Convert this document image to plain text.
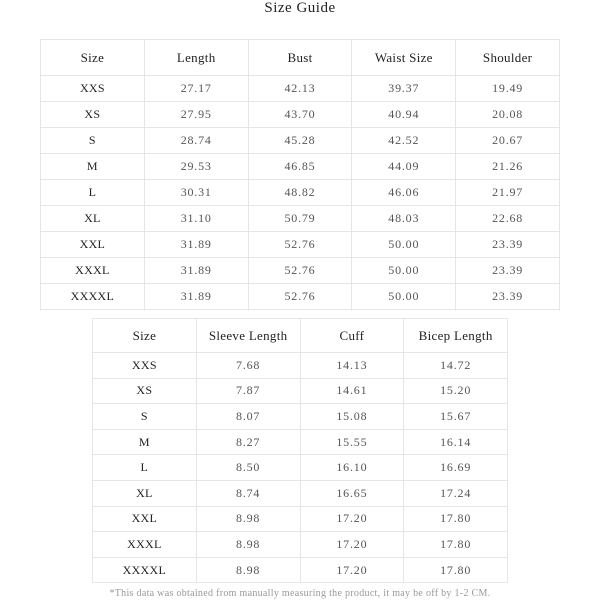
Size Guide
Size	Length	Bust	Waist Size	Shoulder
XXS	27.17	42.13	39.37	19.49
XS	27.95	43.70	40.94	20.08
S	28.74	45.28	42.52	20.67
M	29.53	46.85	44.09	21.26
L	30.31	48.82	46.06	21.97
XL	31.10	50.79	48.03	22.68
XXL	31.89	52.76	50.00	23.39
XXXL	31.89	52.76	50.00	23.39
XXXXL	31.89	52.76	50.00	23.39
Size	Sleeve Length	Cuff	Bicep Length
XXS	7.68	14.13	14.72
XS	7.87	14.61	15.20
S	8.07	15.08	15.67
M	8.27	15.55	16.14
L	8.50	16.10	16.69
XL	8.74	16.65	17.24
XXL	8.98	17.20	17.80
XXXL	8.98	17.20	17.80
XXXXL	8.98	17.20	17.80
*This data was obtained from manually measuring the product, it may be off by 1-2 CM.
